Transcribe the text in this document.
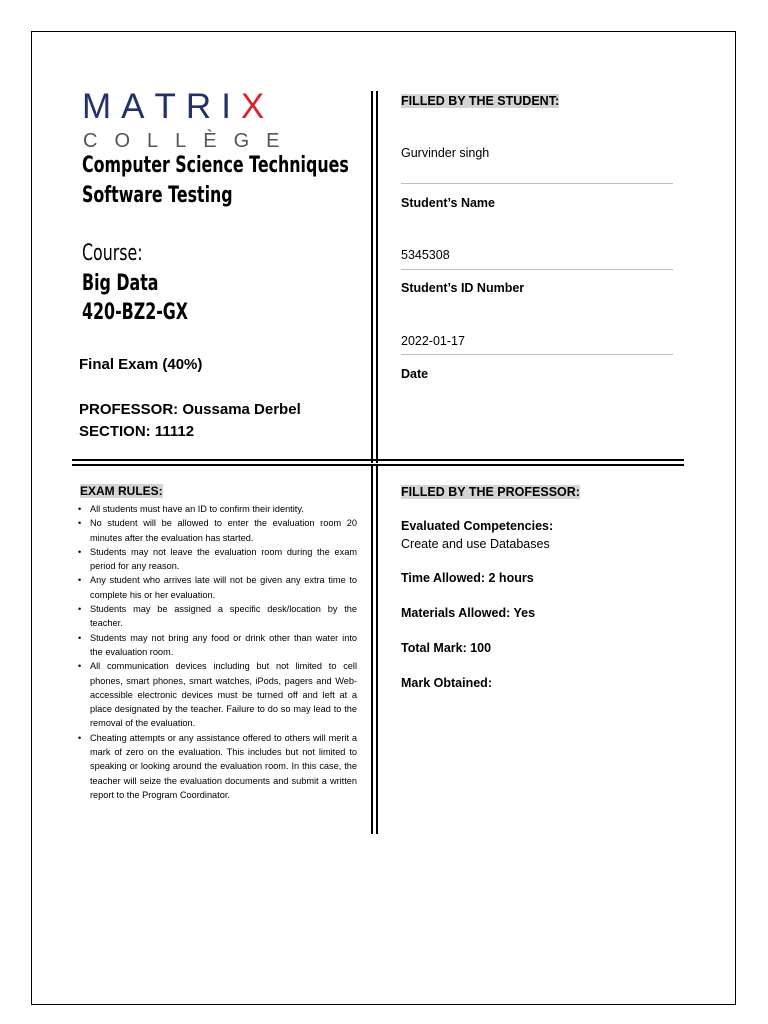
MATRIX
COLLÈGE
Computer Science Techniques
Software Testing
Course:
Big Data
420-BZ2-GX
Final Exam (40%)
PROFESSOR: Oussama Derbel
SECTION: 11112
FILLED BY THE STUDENT:
Gurvinder singh
Student’s Name
5345308
Student’s ID Number
2022-01-17
Date
EXAM RULES:
• All students must have an ID to confirm their identity.
• No student will be allowed to enter the evaluation room 20 minutes after the evaluation has started.
• Students may not leave the evaluation room during the exam period for any reason.
• Any student who arrives late will not be given any extra time to complete his or her evaluation.
• Students may be assigned a specific desk/location by the teacher.
• Students may not bring any food or drink other than water into the evaluation room.
• All communication devices including but not limited to cell phones, smart phones, smart watches, iPods, pagers and Web-accessible electronic devices must be turned off and left at a place designated by the teacher. Failure to do so may lead to the removal of the evaluation.
• Cheating attempts or any assistance offered to others will merit a mark of zero on the evaluation. This includes but not limited to speaking or looking around the evaluation room. In this case, the teacher will seize the evaluation documents and submit a written report to the Program Coordinator.
FILLED BY THE PROFESSOR:
Evaluated Competencies:
Create and use Databases
Time Allowed: 2 hours
Materials Allowed: Yes
Total Mark: 100
Mark Obtained:
